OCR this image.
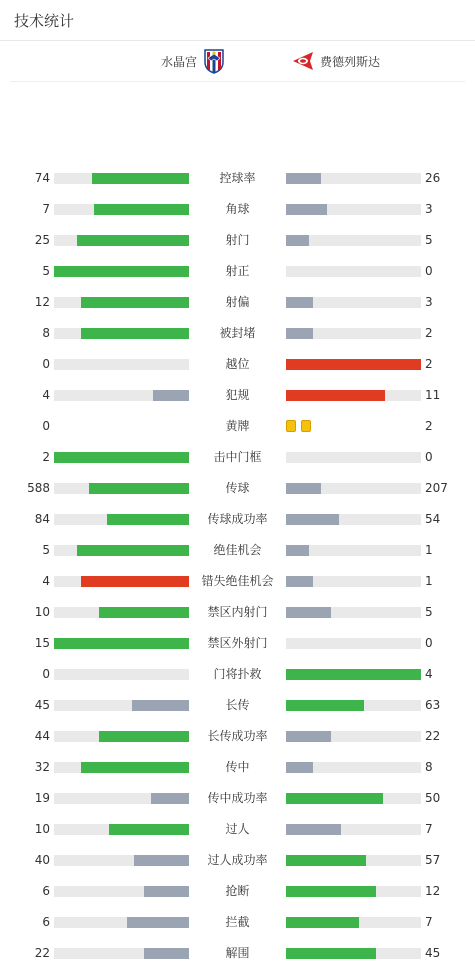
技术统计
水晶宫	费德列斯达
74	控球率	26
7	角球	3
25	射门	5
5	射正	0
12	射偏	3
8	被封堵	2
0	越位	2
4	犯规	11
0	黄牌	2
2	击中门框	0
588	传球	207
84	传球成功率	54
5	绝佳机会	1
4	错失绝佳机会	1
10	禁区内射门	5
15	禁区外射门	0
0	门将扑救	4
45	长传	63
44	长传成功率	22
32	传中	8
19	传中成功率	50
10	过人	7
40	过人成功率	57
6	抢断	12
6	拦截	7
22	解围	45
